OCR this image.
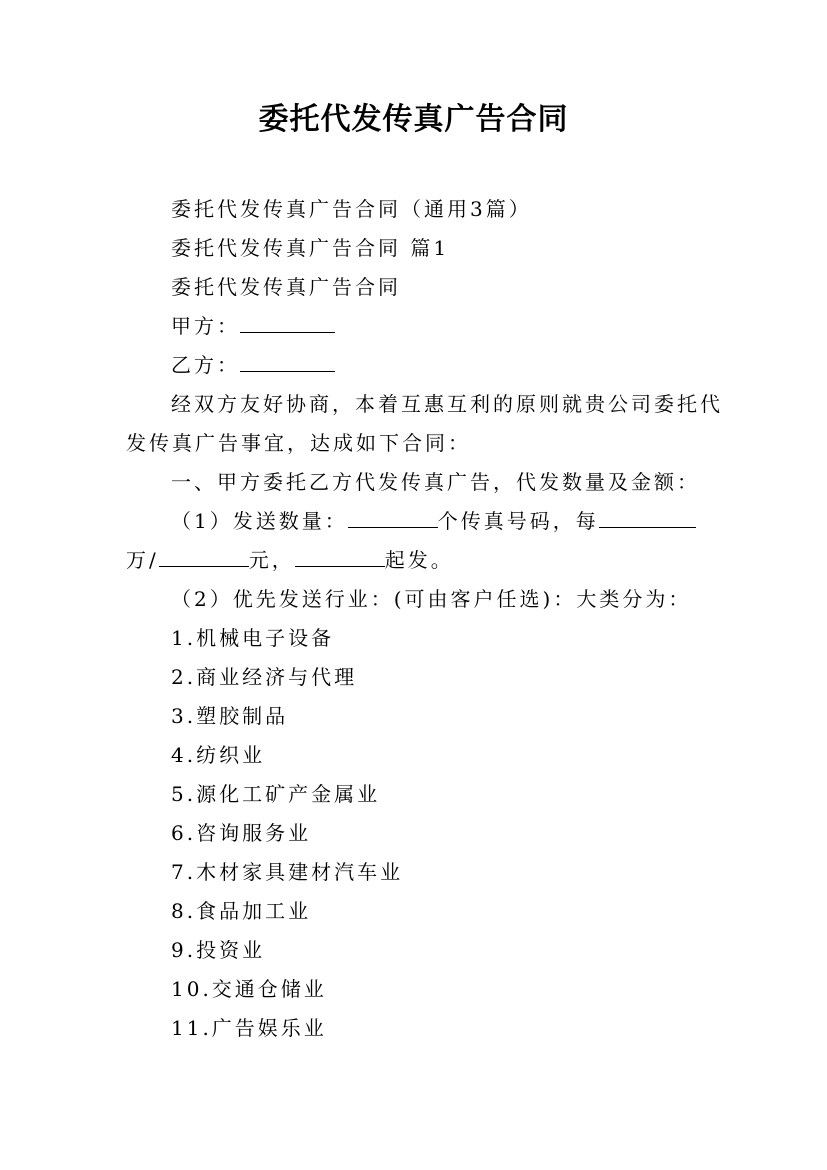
委托代发传真广告合同

委托代发传真广告合同（通用3篇）

委托代发传真广告合同 篇1

委托代发传真广告合同

甲方：

乙方：

经双方友好协商，本着互惠互利的原则就贵公司委托代

发传真广告事宜，达成如下合同：

一、甲方委托乙方代发传真广告，代发数量及金额：

（1）发送数量：	个传真号码，每

万/	元，	起发。

（2）优先发送行业：(可由客户任选)：大类分为：

1.机械电子设备

2.商业经济与代理

3.塑胶制品

4.纺织业

5.源化工矿产金属业

6.咨询服务业

7.木材家具建材汽车业

8.食品加工业

9.投资业

10.交通仓储业

11.广告娱乐业
